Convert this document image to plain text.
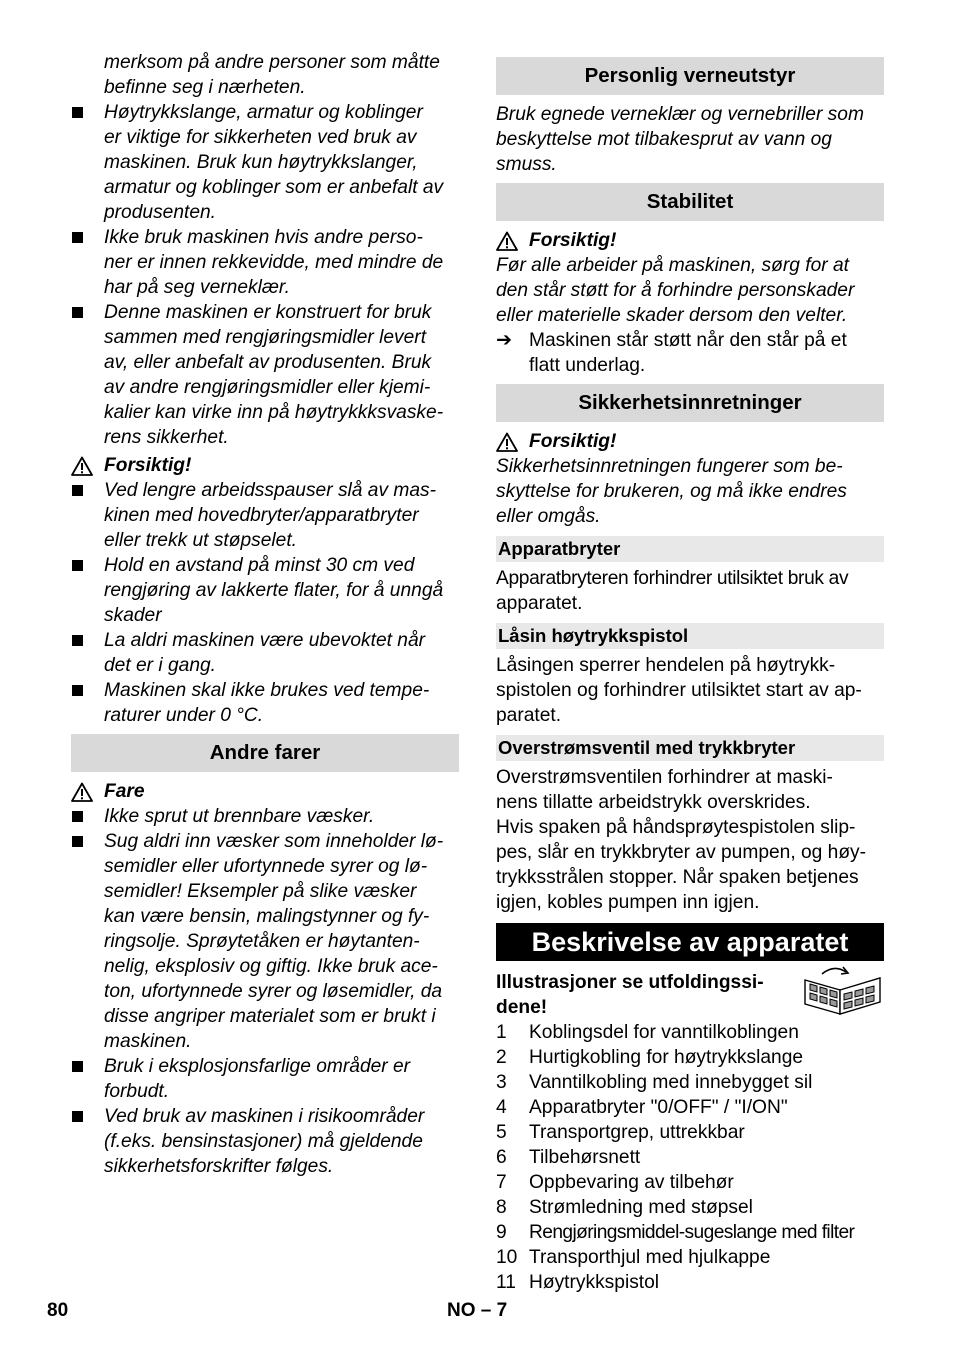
merksom på andre personer som måtte
befinne seg i nærheten.
Høytrykkslange, armatur og koblinger
er viktige for sikkerheten ved bruk av
maskinen. Bruk kun høytrykkslanger,
armatur og koblinger som er anbefalt av
produsenten.
Ikke bruk maskinen hvis andre perso-
ner er innen rekkevidde, med mindre de
har på seg verneklær.
Denne maskinen er konstruert for bruk
sammen med rengjøringsmidler levert
av, eller anbefalt av produsenten. Bruk
av andre rengjøringsmidler eller kjemi-
kalier kan virke inn på høytrykkksvaske-
rens sikkerhet.
Forsiktig!
Ved lengre arbeidsspauser slå av mas-
kinen med hovedbryter/apparatbryter
eller trekk ut støpselet.
Hold en avstand på minst 30 cm ved
rengjøring av lakkerte flater, for å unngå
skader
La aldri maskinen være ubevoktet når
det er i gang.
Maskinen skal ikke brukes ved tempe-
raturer under 0 °C.
Andre farer
Fare
Ikke sprut ut brennbare væsker.
Sug aldri inn væsker som inneholder lø-
semidler eller ufortynnede syrer og lø-
semidler! Eksempler på slike væsker
kan være bensin, malingstynner og fy-
ringsolje. Sprøytetåken er høytanten-
nelig, eksplosiv og giftig. Ikke bruk ace-
ton, ufortynnede syrer og løsemidler, da
disse angriper materialet som er brukt i
maskinen.
Bruk i eksplosjonsfarlige områder er
forbudt.
Ved bruk av maskinen i risikoområder
(f.eks. bensinstasjoner) må gjeldende
sikkerhetsforskrifter følges.
Personlig verneutstyr
Bruk egnede verneklær og vernebriller som
beskyttelse mot tilbakesprut av vann og
smuss.
Stabilitet
Forsiktig!
Før alle arbeider på maskinen, sørg for at
den står støtt for å forhindre personskader
eller materielle skader dersom den velter.
➔ Maskinen står støtt når den står på et
flatt underlag.
Sikkerhetsinnretninger
Forsiktig!
Sikkerhetsinnretningen fungerer som be-
skyttelse for brukeren, og må ikke endres
eller omgås.
Apparatbryter
Apparatbryteren forhindrer utilsiktet bruk av
apparatet.
Låsin høytrykkspistol
Låsingen sperrer hendelen på høytrykk-
spistolen og forhindrer utilsiktet start av ap-
paratet.
Overstrømsventil med trykkbryter
Overstrømsventilen forhindrer at maski-
nens tillatte arbeidstrykk overskrides.
Hvis spaken på håndsprøytespistolen slip-
pes, slår en trykkbryter av pumpen, og høy-
trykksstrålen stopper. Når spaken betjenes
igjen, kobles pumpen inn igjen.
Beskrivelse av apparatet
Illustrasjoner se utfoldingssi-
dene!
1	Koblingsdel for vanntilkoblingen
2	Hurtigkobling for høytrykkslange
3	Vanntilkobling med innebygget sil
4	Apparatbryter "0/OFF" / "I/ON"
5	Transportgrep, uttrekkbar
6	Tilbehørsnett
7	Oppbevaring av tilbehør
8	Strømledning med støpsel
9	Rengjøringsmiddel-sugeslange med filter
10 Transporthjul med hjulkappe
11 Høytrykkspistol
80	NO – 7
